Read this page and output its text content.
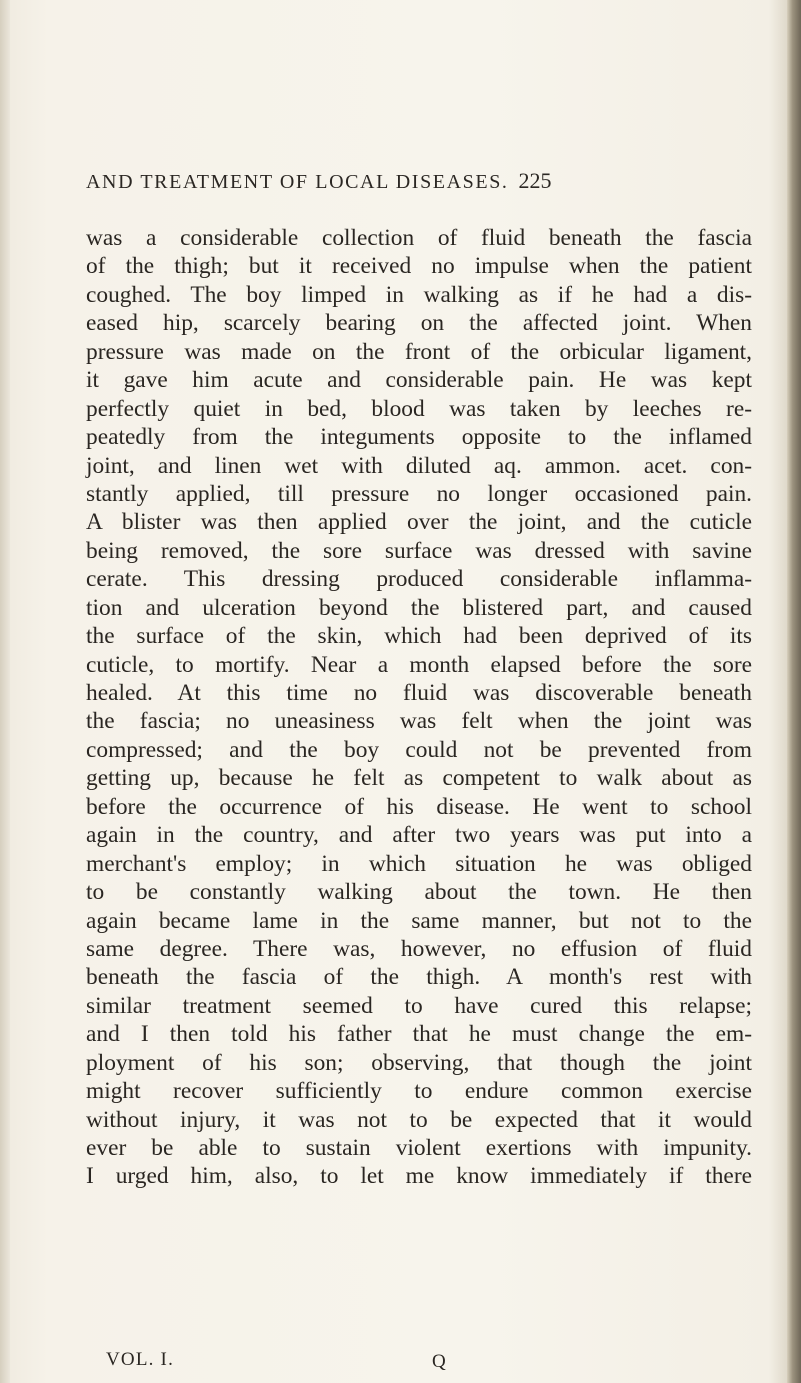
AND TREATMENT OF LOCAL DISEASES. 225
was a considerable collection of fluid beneath the fascia
of the thigh; but it received no impulse when the patient
coughed. The boy limped in walking as if he had a dis-
eased hip, scarcely bearing on the affected joint. When
pressure was made on the front of the orbicular ligament,
it gave him acute and considerable pain. He was kept
perfectly quiet in bed, blood was taken by leeches re-
peatedly from the integuments opposite to the inflamed
joint, and linen wet with diluted aq. ammon. acet. con-
stantly applied, till pressure no longer occasioned pain.
A blister was then applied over the joint, and the cuticle
being removed, the sore surface was dressed with savine
cerate. This dressing produced considerable inflamma-
tion and ulceration beyond the blistered part, and caused
the surface of the skin, which had been deprived of its
cuticle, to mortify. Near a month elapsed before the sore
healed. At this time no fluid was discoverable beneath
the fascia; no uneasiness was felt when the joint was
compressed; and the boy could not be prevented from
getting up, because he felt as competent to walk about as
before the occurrence of his disease. He went to school
again in the country, and after two years was put into a
merchant's employ; in which situation he was obliged
to be constantly walking about the town. He then
again became lame in the same manner, but not to the
same degree. There was, however, no effusion of fluid
beneath the fascia of the thigh. A month's rest with
similar treatment seemed to have cured this relapse;
and I then told his father that he must change the em-
ployment of his son; observing, that though the joint
might recover sufficiently to endure common exercise
without injury, it was not to be expected that it would
ever be able to sustain violent exertions with impunity.
I urged him, also, to let me know immediately if there
VOL. I.	Q
